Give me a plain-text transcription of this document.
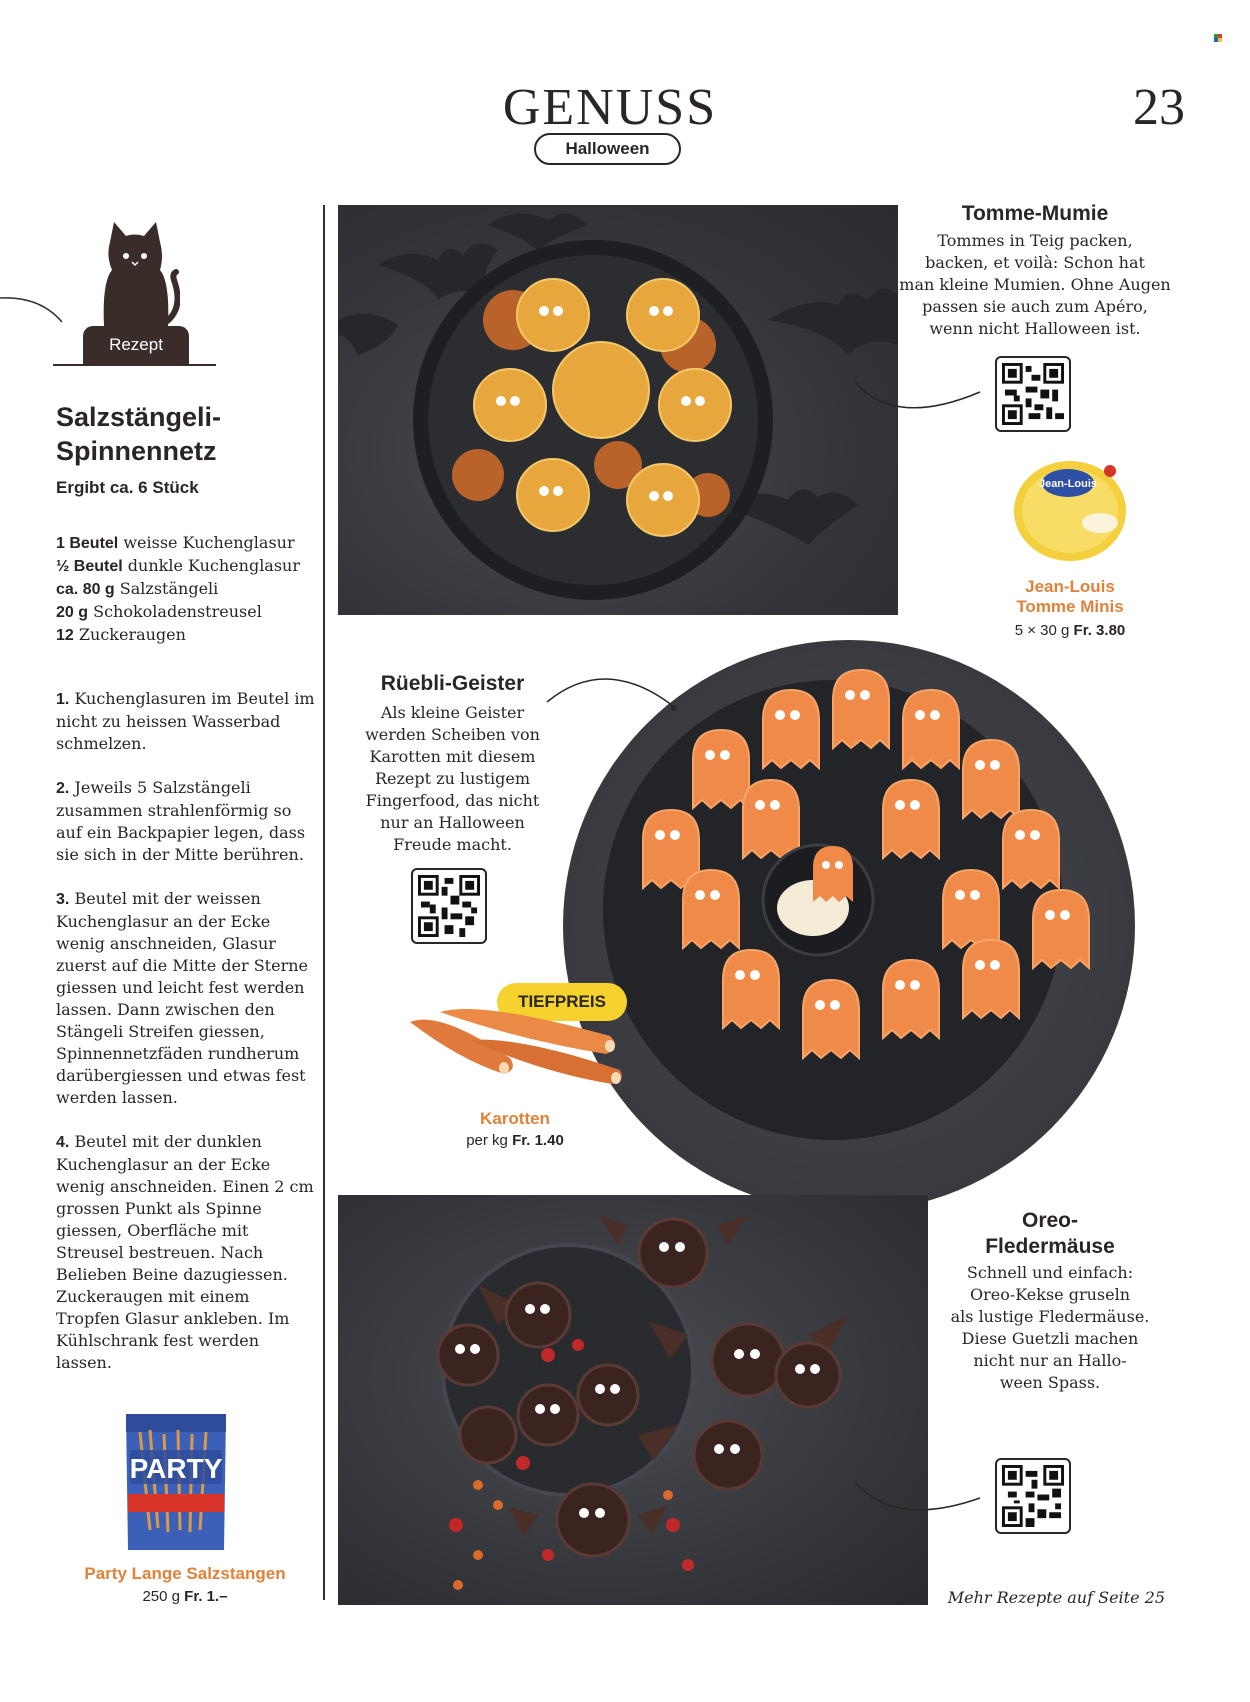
GENUSS	23
Halloween
Rezept
Salzstängeli-
Spinnennetz
Ergibt ca. 6 Stück
1 Beutel weisse Kuchenglasur
½ Beutel dunkle Kuchenglasur
ca. 80 g Salzstängeli
20 g Schokoladenstreusel
12 Zuckeraugen

1. Kuchenglasuren im Beutel im nicht zu heissen Wasserbad schmelzen.

2. Jeweils 5 Salzstängeli zusammen strahlenförmig so auf ein Backpapier legen, dass sie sich in der Mitte berühren.

3. Beutel mit der weissen Kuchenglasur an der Ecke wenig anschneiden, Glasur zuerst auf die Mitte der Sterne giessen und leicht fest werden lassen. Dann zwischen den Stängeli Streifen giessen, Spinnennetzfäden rundherum darübergiessen und etwas fest werden lassen.

4. Beutel mit der dunklen Kuchenglasur an der Ecke wenig anschneiden. Einen 2 cm grossen Punkt als Spinne giessen, Oberfläche mit Streusel bestreuen. Nach Belieben Beine dazugiessen. Zuckeraugen mit einem Tropfen Glasur ankleben. Im Kühlschrank fest werden lassen.

PARTY
Party Lange Salzstangen
250 g Fr. 1.–
Tomme-Mumie
Tommes in Teig packen,
backen, et voilà: Schon hat
man kleine Mumien. Ohne Augen
passen sie auch zum Apéro,
wenn nicht Halloween ist.
Jean-Louis
Jean-Louis
Tomme Minis
5 × 30 g Fr. 3.80
Rüebli-Geister
Als kleine Geister
werden Scheiben von
Karotten mit diesem
Rezept zu lustigem
Fingerfood, das nicht
nur an Halloween
Freude macht.
TIEFPREIS
Karotten
per kg Fr. 1.40
Oreo-
Fledermäuse
Schnell und einfach:
Oreo-Kekse gruseln
als lustige Fledermäuse.
Diese Guetzli machen
nicht nur an Hallo-
ween Spass.
Mehr Rezepte auf Seite 25
